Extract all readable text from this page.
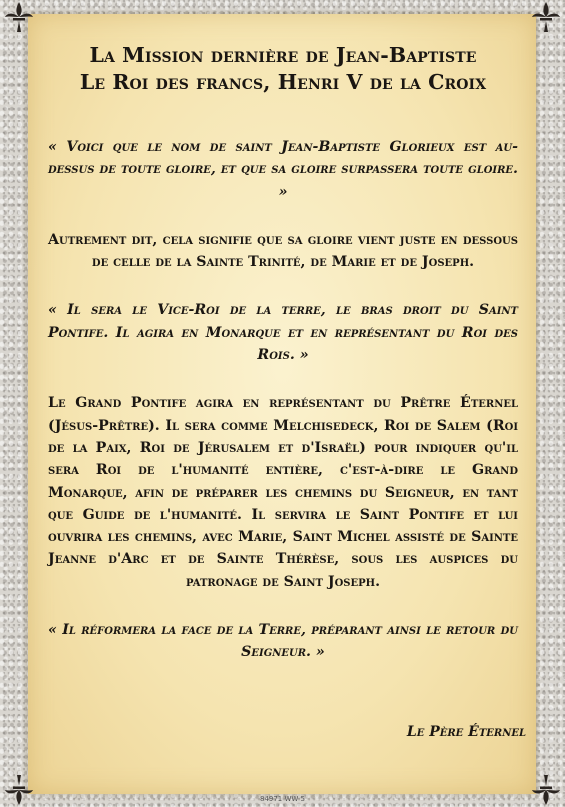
La Mission dernière de Jean-Baptiste
Le Roi des francs, Henri V de la Croix

« Voici que le nom de saint Jean-Baptiste Glorieux est au-dessus de toute gloire, et que sa gloire surpassera toute gloire. »

Autrement dit, cela signifie que sa gloire vient juste en dessous de celle de la Sainte Trinité, de Marie et de Joseph.

« Il sera le Vice-Roi de la terre, le bras droit du Saint Pontife. Il agira en Monarque et en représentant du Roi des Rois. »

Le Grand Pontife agira en représentant du Prêtre Éternel (Jésus-Prêtre). Il sera comme Melchisedeck, Roi de Salem (Roi de la Paix, Roi de Jérusalem et d'Israël) pour indiquer qu'il sera Roi de l'humanité entière, c'est-à-dire le Grand Monarque, afin de préparer les chemins du Seigneur, en tant que Guide de l'humanité. Il servira le Saint Pontife et lui ouvrira les chemins, avec Marie, Saint Michel assisté de Sainte Jeanne d'Arc et de Sainte Thérèse, sous les auspices du patronage de Saint Joseph.

« Il réformera la face de la Terre, préparant ainsi le retour du Seigneur. »

Le Père Éternel
84971 WW 5
